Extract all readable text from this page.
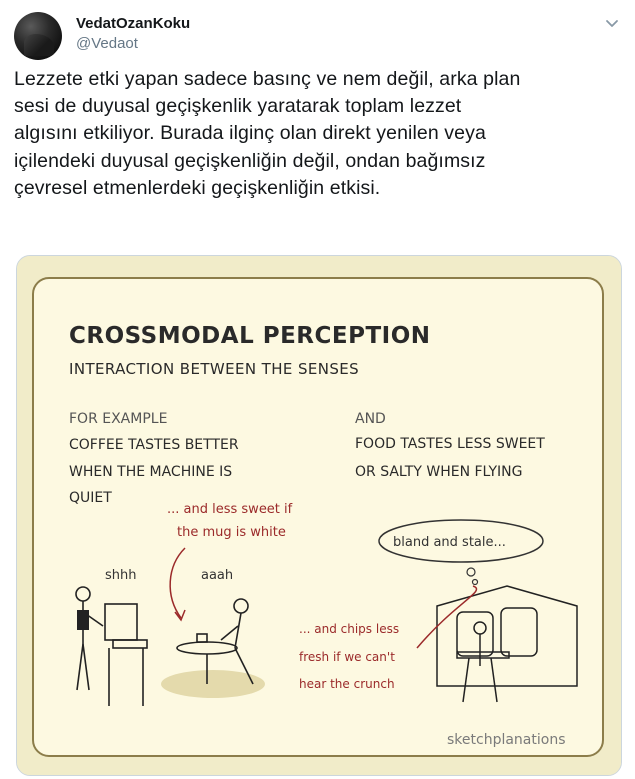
VedatOzanKoku
@Vedaot
Lezzete etki yapan sadece basınç ve nem değil, arka plan
sesi de duyusal geçişkenlik yaratarak toplam lezzet
algısını etkiliyor. Burada ilginç olan direkt yenilen veya
içilendeki duyusal geçişkenliğin değil, ondan bağımsız
çevresel etmenlerdeki geçişkenliğin etkisi.
CROSSMODAL PERCEPTION
INTERACTION BETWEEN THE SENSES
FOR EXAMPLE
COFFEE TASTES BETTER
WHEN THE MACHINE IS
QUIET
AND
FOOD TASTES LESS SWEET
OR SALTY WHEN FLYING
... and less sweet if
the mug is white
... and chips less
fresh if we can't
hear the crunch
shhh	aaah
bland and stale...
sketchplanations
